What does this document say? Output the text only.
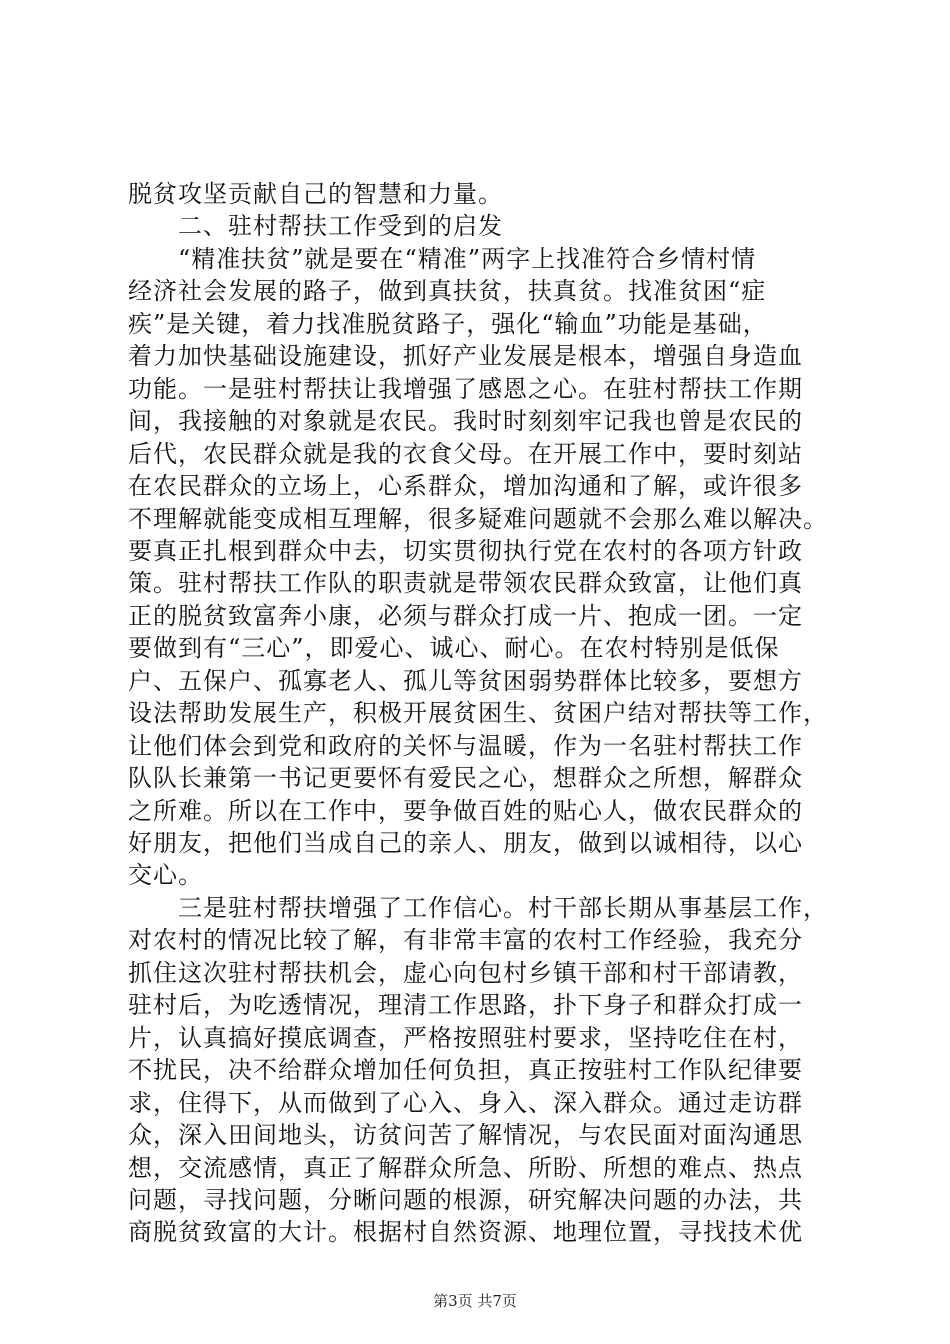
脱贫攻坚贡献自己的智慧和力量。
　　二、驻村帮扶工作受到的启发
　　“精准扶贫”就是要在“精准”两字上找准符合乡情村情
经济社会发展的路子，做到真扶贫，扶真贫。找准贫困“症
疾”是关键，着力找准脱贫路子，强化“输血”功能是基础，
着力加快基础设施建设，抓好产业发展是根本，增强自身造血
功能。一是驻村帮扶让我增强了感恩之心。在驻村帮扶工作期
间，我接触的对象就是农民。我时时刻刻牢记我也曾是农民的
后代，农民群众就是我的衣食父母。在开展工作中，要时刻站
在农民群众的立场上，心系群众，增加沟通和了解，或许很多
不理解就能变成相互理解，很多疑难问题就不会那么难以解决。
要真正扎根到群众中去，切实贯彻执行党在农村的各项方针政
策。驻村帮扶工作队的职责就是带领农民群众致富，让他们真
正的脱贫致富奔小康，必须与群众打成一片、抱成一团。一定
要做到有“三心”，即爱心、诚心、耐心。在农村特别是低保
户、五保户、孤寡老人、孤儿等贫困弱势群体比较多，要想方
设法帮助发展生产，积极开展贫困生、贫困户结对帮扶等工作，
让他们体会到党和政府的关怀与温暖，作为一名驻村帮扶工作
队队长兼第一书记更要怀有爱民之心，想群众之所想，解群众
之所难。所以在工作中，要争做百姓的贴心人，做农民群众的
好朋友，把他们当成自己的亲人、朋友，做到以诚相待，以心
交心。
　　三是驻村帮扶增强了工作信心。村干部长期从事基层工作，
对农村的情况比较了解，有非常丰富的农村工作经验，我充分
抓住这次驻村帮扶机会，虚心向包村乡镇干部和村干部请教，
驻村后，为吃透情况，理清工作思路，扑下身子和群众打成一
片，认真搞好摸底调查，严格按照驻村要求，坚持吃住在村，
不扰民，决不给群众增加任何负担，真正按驻村工作队纪律要
求，住得下，从而做到了心入、身入、深入群众。通过走访群
众，深入田间地头，访贫问苦了解情况，与农民面对面沟通思
想，交流感情，真正了解群众所急、所盼、所想的难点、热点
问题，寻找问题，分晰问题的根源，研究解决问题的办法，共
商脱贫致富的大计。根据村自然资源、地理位置，寻找技术优
第3页 共7页
